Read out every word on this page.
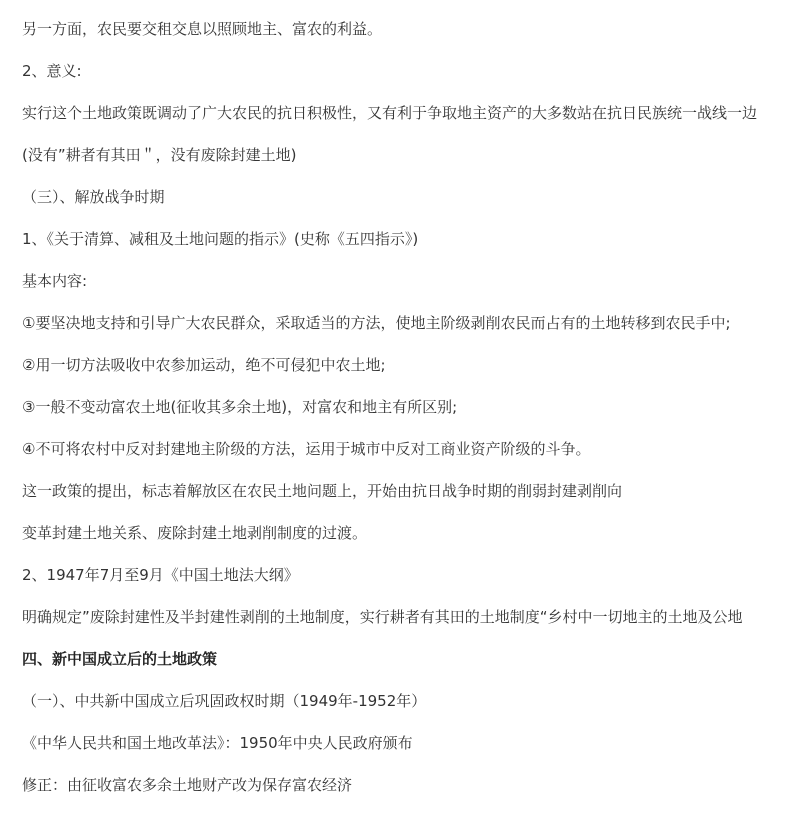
另一方面，农民要交租交息以照顾地主、富农的利益。
2、意义:
实行这个土地政策既调动了广大农民的抗日积极性，又有利于争取地主资产的大多数站在抗日民族统一战线一边
(没有”耕者有其田＂，没有废除封建土地)
（三）、解放战争时期
1、《关于清算、减租及土地问题的指示》(史称《五四指示》)
基本内容:
①要坚决地支持和引导广大农民群众，采取适当的方法，使地主阶级剥削农民而占有的土地转移到农民手中;
②用一切方法吸收中农参加运动，绝不可侵犯中农土地;
③一般不变动富农土地(征收其多余土地)，对富农和地主有所区别;
④不可将农村中反对封建地主阶级的方法，运用于城市中反对工商业资产阶级的斗争。
这一政策的提出，标志着解放区在农民土地问题上，开始由抗日战争时期的削弱封建剥削向
变革封建土地关系、废除封建土地剥削制度的过渡。
2、1947年7月至9月《中国土地法大纲》
明确规定”废除封建性及半封建性剥削的土地制度，实行耕者有其田的土地制度“乡村中一切地主的土地及公地
四、新中国成立后的土地政策
（一）、中共新中国成立后巩固政权时期（1949年-1952年）
《中华人民共和国土地改革法》：1950年中央人民政府颁布
修正：由征收富农多余土地财产改为保存富农经济
